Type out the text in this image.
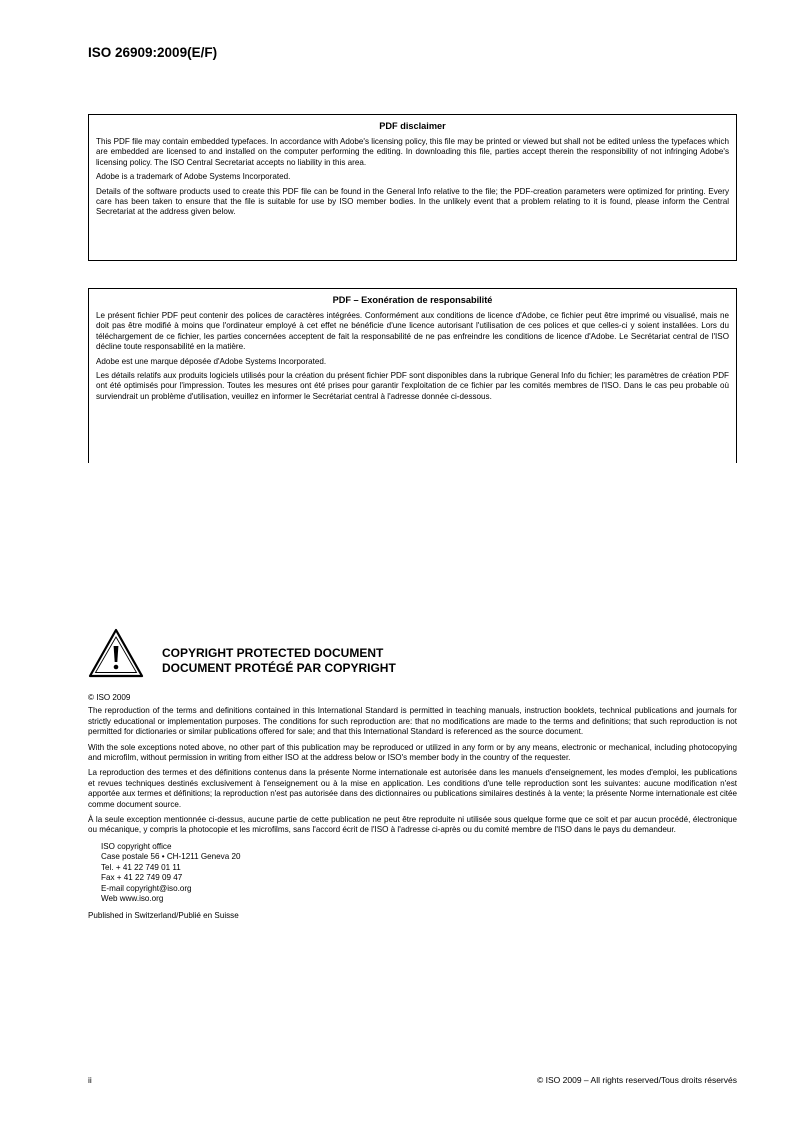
ISO 26909:2009(E/F)
PDF disclaimer

This PDF file may contain embedded typefaces. In accordance with Adobe's licensing policy, this file may be printed or viewed but shall not be edited unless the typefaces which are embedded are licensed to and installed on the computer performing the editing. In downloading this file, parties accept therein the responsibility of not infringing Adobe's licensing policy. The ISO Central Secretariat accepts no liability in this area.

Adobe is a trademark of Adobe Systems Incorporated.

Details of the software products used to create this PDF file can be found in the General Info relative to the file; the PDF-creation parameters were optimized for printing. Every care has been taken to ensure that the file is suitable for use by ISO member bodies. In the unlikely event that a problem relating to it is found, please inform the Central Secretariat at the address given below.

PDF – Exonération de responsabilité

Le présent fichier PDF peut contenir des polices de caractères intégrées. Conformément aux conditions de licence d'Adobe, ce fichier peut être imprimé ou visualisé, mais ne doit pas être modifié à moins que l'ordinateur employé à cet effet ne bénéficie d'une licence autorisant l'utilisation de ces polices et que celles-ci y soient installées. Lors du téléchargement de ce fichier, les parties concernées acceptent de fait la responsabilité de ne pas enfreindre les conditions de licence d'Adobe. Le Secrétariat central de l'ISO décline toute responsabilité en la matière.

Adobe est une marque déposée d'Adobe Systems Incorporated.

Les détails relatifs aux produits logiciels utilisés pour la création du présent fichier PDF sont disponibles dans la rubrique General Info du fichier; les paramètres de création PDF ont été optimisés pour l'impression. Toutes les mesures ont été prises pour garantir l'exploitation de ce fichier par les comités membres de l'ISO. Dans le cas peu probable où surviendrait un problème d'utilisation, veuillez en informer le Secrétariat central à l'adresse donnée ci-dessous.

COPYRIGHT PROTECTED DOCUMENT
DOCUMENT PROTÉGÉ PAR COPYRIGHT

© ISO 2009

The reproduction of the terms and definitions contained in this International Standard is permitted in teaching manuals, instruction booklets, technical publications and journals for strictly educational or implementation purposes. The conditions for such reproduction are: that no modifications are made to the terms and definitions; that such reproduction is not permitted for dictionaries or similar publications offered for sale; and that this International Standard is referenced as the source document.

With the sole exceptions noted above, no other part of this publication may be reproduced or utilized in any form or by any means, electronic or mechanical, including photocopying and microfilm, without permission in writing from either ISO at the address below or ISO's member body in the country of the requester.

La reproduction des termes et des définitions contenus dans la présente Norme internationale est autorisée dans les manuels d'enseignement, les modes d'emploi, les publications et revues techniques destinés exclusivement à l'enseignement ou à la mise en application. Les conditions d'une telle reproduction sont les suivantes: aucune modification n'est apportée aux termes et définitions; la reproduction n'est pas autorisée dans des dictionnaires ou publications similaires destinés à la vente; la présente Norme internationale est citée comme document source.

À la seule exception mentionnée ci-dessus, aucune partie de cette publication ne peut être reproduite ni utilisée sous quelque forme que ce soit et par aucun procédé, électronique ou mécanique, y compris la photocopie et les microfilms, sans l'accord écrit de l'ISO à l'adresse ci-après ou du comité membre de l'ISO dans le pays du demandeur.

ISO copyright office
Case postale 56 • CH-1211 Geneva 20
Tel. + 41 22 749 01 11
Fax + 41 22 749 09 47
E-mail copyright@iso.org
Web www.iso.org

Published in Switzerland/Publié en Suisse

ii	© ISO 2009 – All rights reserved/Tous droits réservés
